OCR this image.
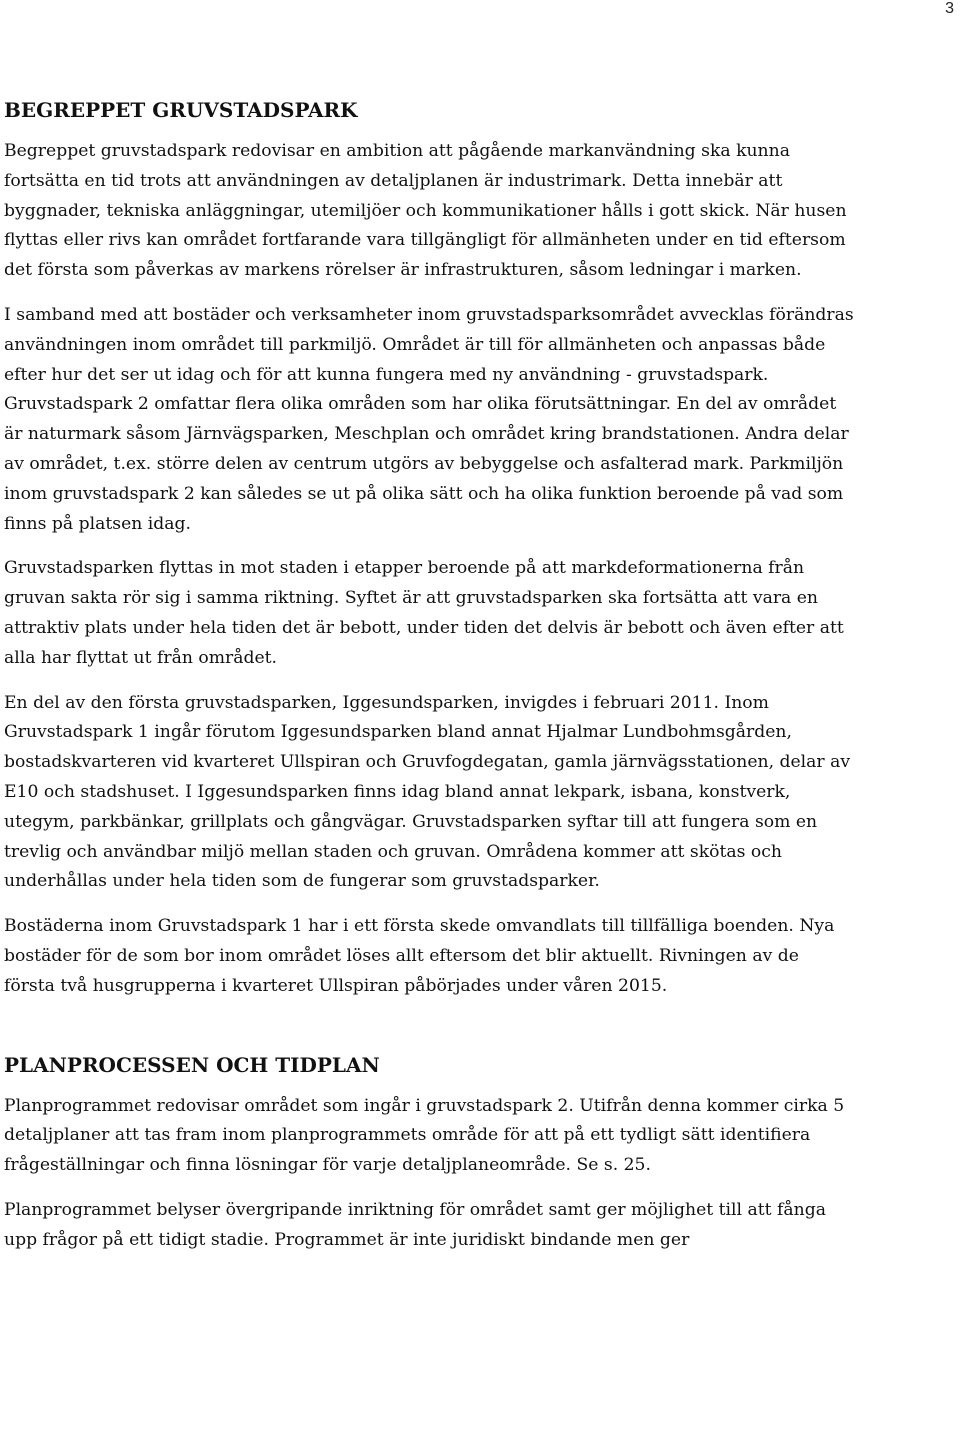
3
BEGREPPET GRUVSTADSPARK

Begreppet gruvstadspark redovisar en ambition att pågående markanvändning ska kunna fortsätta en tid trots att användningen av detaljplanen är industrimark. Detta innebär att byggnader, tekniska anläggningar, utemiljöer och kommunikationer hålls i gott skick. När husen flyttas eller rivs kan området fortfarande vara tillgängligt för allmänheten under en tid eftersom det första som påverkas av markens rörelser är infrastrukturen, såsom ledningar i marken.

I samband med att bostäder och verksamheter inom gruvstadsparksområdet avvecklas förändras användningen inom området till parkmiljö. Området är till för allmänheten och anpassas både efter hur det ser ut idag och för att kunna fungera med ny användning - gruvstadspark. Gruvstadspark 2 omfattar flera olika områden som har olika förutsättningar. En del av området är naturmark såsom Järnvägsparken, Meschplan och området kring brandstationen. Andra delar av området, t.ex. större delen av centrum utgörs av bebyggelse och asfalterad mark. Parkmiljön inom gruvstadspark 2 kan således se ut på olika sätt och ha olika funktion beroende på vad som finns på platsen idag.

Gruvstadsparken flyttas in mot staden i etapper beroende på att markdeformationerna från gruvan sakta rör sig i samma riktning. Syftet är att gruvstadsparken ska fortsätta att vara en attraktiv plats under hela tiden det är bebott, under tiden det delvis är bebott och även efter att alla har flyttat ut från området.

En del av den första gruvstadsparken, Iggesundsparken, invigdes i februari 2011. Inom Gruvstadspark 1 ingår förutom Iggesundsparken bland annat Hjalmar Lundbohmsgården, bostadskvarteren vid kvarteret Ullspiran och Gruvfogdegatan, gamla järnvägsstationen, delar av E10 och stadshuset. I Iggesundsparken finns idag bland annat lekpark, isbana, konstverk, utegym, parkbänkar, grillplats och gångvägar. Gruvstadsparken syftar till att fungera som en trevlig och användbar miljö mellan staden och gruvan. Områdena kommer att skötas och underhållas under hela tiden som de fungerar som gruvstadsparker.

Bostäderna inom Gruvstadspark 1 har i ett första skede omvandlats till tillfälliga boenden. Nya bostäder för de som bor inom området löses allt eftersom det blir aktuellt. Rivningen av de första två husgrupperna i kvarteret Ullspiran påbörjades under våren 2015.

PLANPROCESSEN OCH TIDPLAN

Planprogrammet redovisar området som ingår i gruvstadspark 2. Utifrån denna kommer cirka 5 detaljplaner att tas fram inom planprogrammets område för att på ett tydligt sätt identifiera frågeställningar och finna lösningar för varje detaljplaneområde. Se s. 25.

Planprogrammet belyser övergripande inriktning för området samt ger möjlighet till att fånga upp frågor på ett tidigt stadie. Programmet är inte juridiskt bindande men ger
